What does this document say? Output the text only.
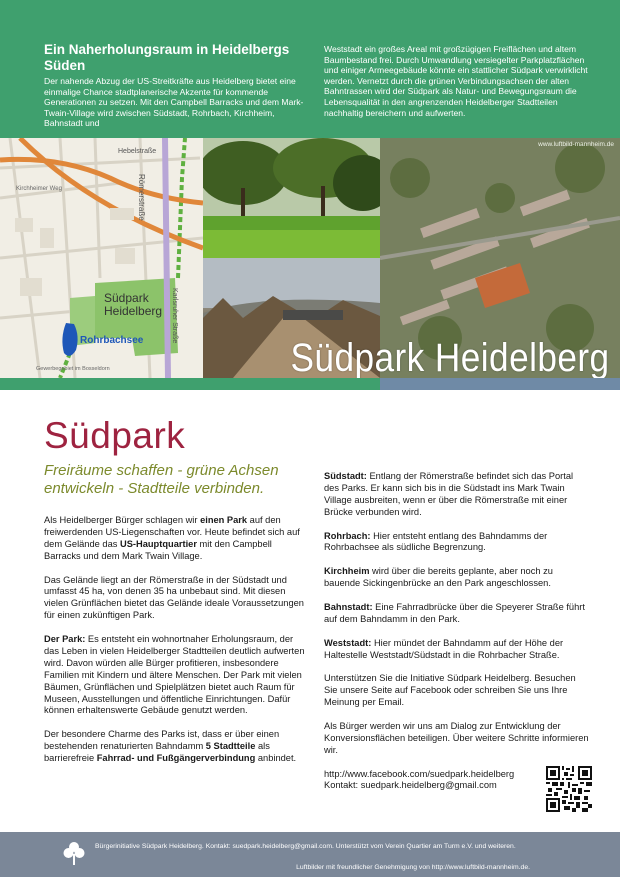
Ein Naherholungsraum in Heidelbergs Süden
Der nahende Abzug der US-Streitkräfte aus Heidelberg bietet eine einmalige Chance stadtplanerische Akzente für kommende Generationen zu setzen. Mit den Campbell Barracks und dem Mark-Twain-Village wird zwischen Südstadt, Rohrbach, Kirchheim, Bahnstadt und
Weststadt ein großes Areal mit großzügigen Freiflächen und altem Baumbestand frei. Durch Umwandlung versiegelter Parkplatzflächen und einiger Armeegebäude könnte ein stattlicher Südpark verwirklicht werden. Vernetzt durch die grünen Verbindungsachsen der alten Bahntrassen wird der Südpark als Natur- und Bewegungsraum die Lebensqualität in den angrenzenden Heidelberger Stadtteilen nachhaltig bereichern und aufwerten.
Hebelstraße
Römerstraße
Karlsruher Straße
Kirchheimer Weg
Südpark
Heidelberg
Rohrbachsee
Gewerbegebiet im Bosseldorn
www.luftbild-mannheim.de
Südpark Heidelberg
Südpark
Freiräume schaffen - grüne Achsen entwickeln - Stadtteile verbinden.

Als Heidelberger Bürger schlagen wir einen Park auf den freiwerdenden US-Liegenschaften vor. Heute befindet sich auf dem Gelände das US-Hauptquartier mit den Campbell Barracks und dem Mark Twain Village.

Das Gelände liegt an der Römerstraße in der Südstadt und umfasst 45 ha, von denen 35 ha unbebaut sind. Mit diesen vielen Grünflächen bietet das Gelände ideale Voraussetzungen für einen zukünftigen Park.

Der Park: Es entsteht ein wohnortnaher Erholungsraum, der das Leben in vielen Heidelberger Stadtteilen deutlich aufwerten wird. Davon würden alle Bürger profitieren, insbesondere Familien mit Kindern und ältere Menschen. Der Park mit vielen Bäumen, Grünflächen und Spielplätzen bietet auch Raum für Museen, Ausstellungen und öffentliche Einrichtungen. Dafür können erhaltenswerte Gebäude genutzt werden.

Der besondere Charme des Parks ist, dass er über einen bestehenden renaturierten Bahndamm 5 Stadtteile als barrierefreie Fahrrad- und Fußgängerverbindung anbindet.

Südstadt: Entlang der Römerstraße befindet sich das Portal des Parks. Er kann sich bis in die Südstadt ins Mark Twain Village ausbreiten, wenn er über die Römerstraße mit einer Brücke verbunden wird.

Rohrbach: Hier entsteht entlang des Bahndamms der Rohrbachsee als südliche Begrenzung.

Kirchheim wird über die bereits geplante, aber noch zu bauende Sickingenbrücke an den Park angeschlossen.

Bahnstadt: Eine Fahrradbrücke über die Speyerer Straße führt auf dem Bahndamm in den Park.

Weststadt: Hier mündet der Bahndamm auf der Höhe der Haltestelle Weststadt/Südstadt in die Rohrbacher Straße.

Unterstützen Sie die Initiative Südpark Heidelberg. Besuchen Sie unsere Seite auf Facebook oder schreiben Sie uns Ihre Meinung per Email.

Als Bürger werden wir uns am Dialog zur Entwicklung der Konversionsflächen beteiligen. Über weitere Schritte informieren wir.

http://www.facebook.com/suedpark.heidelberg
Kontakt: suedpark.heidelberg@gmail.com
Bürgerinitiative Südpark Heidelberg. Kontakt: suedpark.heidelberg@gmail.com. Unterstützt vom Verein Quartier am Turm e.V. und weiteren.
Luftbilder mit freundlicher Genehmigung von http://www.luftbild-mannheim.de.
